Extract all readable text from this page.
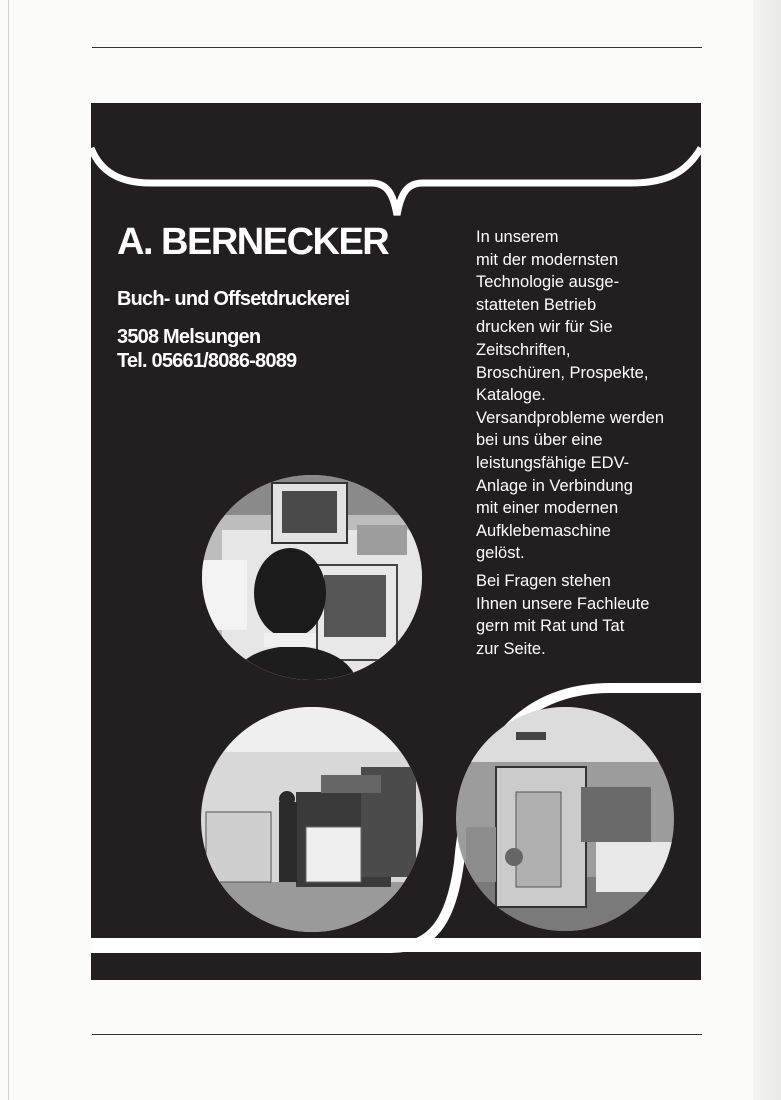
A. BERNECKER
Buch- und Offsetdruckerei
3508 Melsungen
Tel. 05661/8086-8089

In unserem
mit der modernsten
Technologie ausge-
statteten Betrieb
drucken wir für Sie
Zeitschriften,
Broschüren, Prospekte,
Kataloge.
Versandprobleme werden
bei uns über eine
leistungsfähige EDV-
Anlage in Verbindung
mit einer modernen
Aufklebemaschine
gelöst.

Bei Fragen stehen
Ihnen unsere Fachleute
gern mit Rat und Tat
zur Seite.
